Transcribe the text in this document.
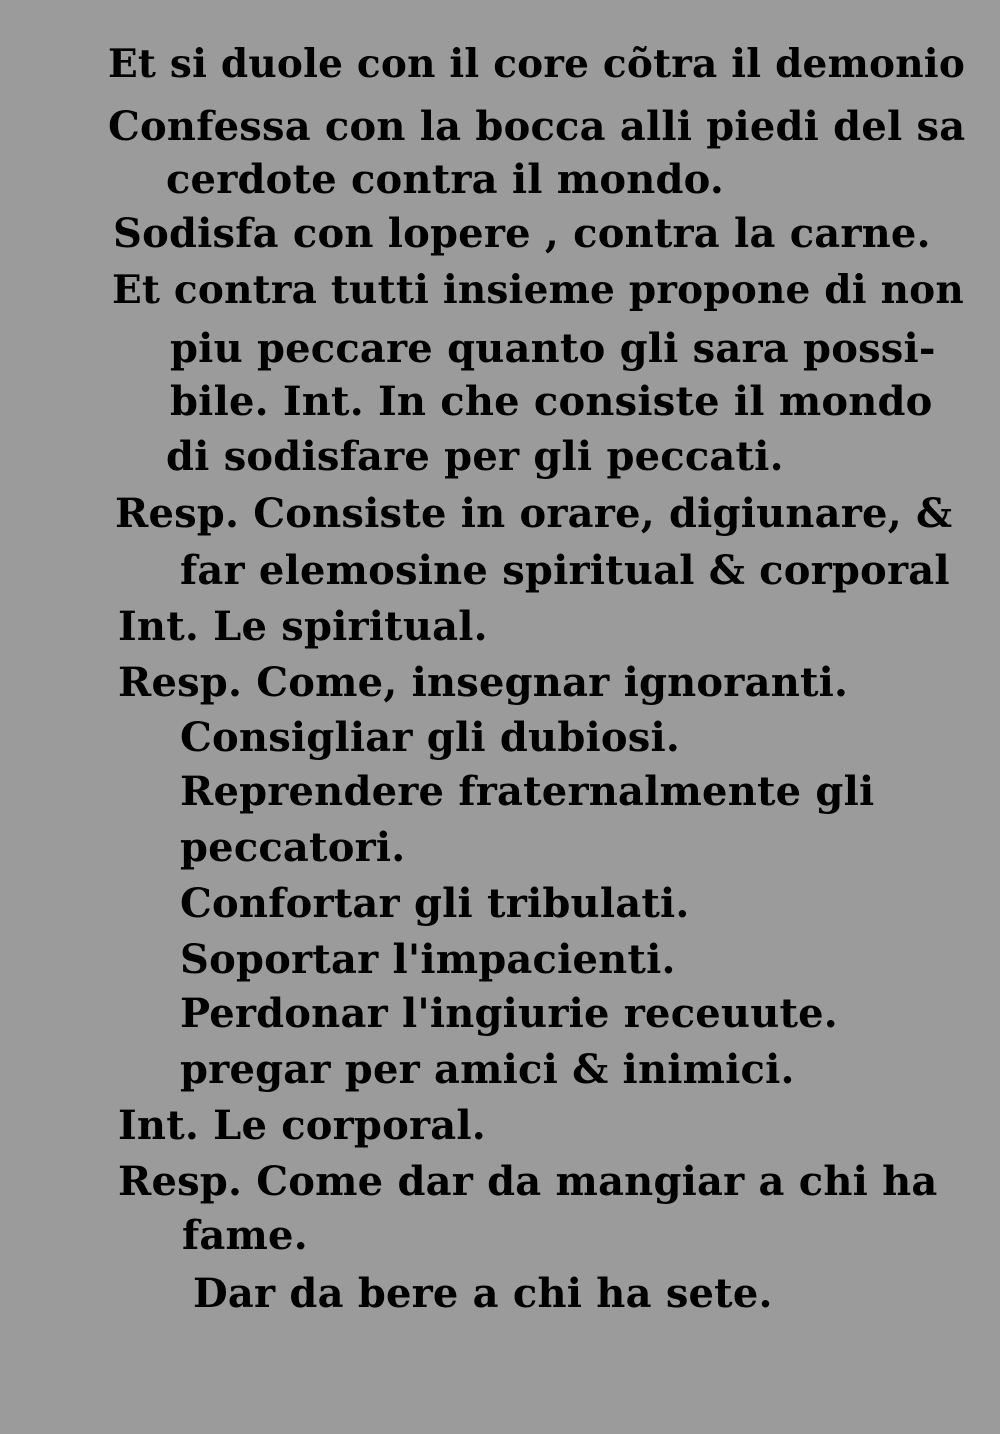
Et si duole con il core cõtra il demonio
Confessa con la bocca alli piedi del sa
cerdote contra il mondo.
Sodisfa con lopere , contra la carne.
Et contra tutti insieme propone di non
piu peccare quanto gli sara possi‑
bile. Int. In che consiste il mondo
di sodisfare per gli peccati.
Resp. Consiste in orare, digiunare, &
far elemosine spiritual & corporal
Int. Le spiritual.
Resp. Come, insegnar ignoranti.
Consigliar gli dubiosi.
Reprendere fraternalmente gli
peccatori.
Confortar gli tribulati.
Soportar l'impacienti.
Perdonar l'ingiurie receuute.
pregar per amici & inimici.
Int. Le corporal.
Resp. Come dar da mangiar a chi ha
fame.
Dar da bere a chi ha sete.
